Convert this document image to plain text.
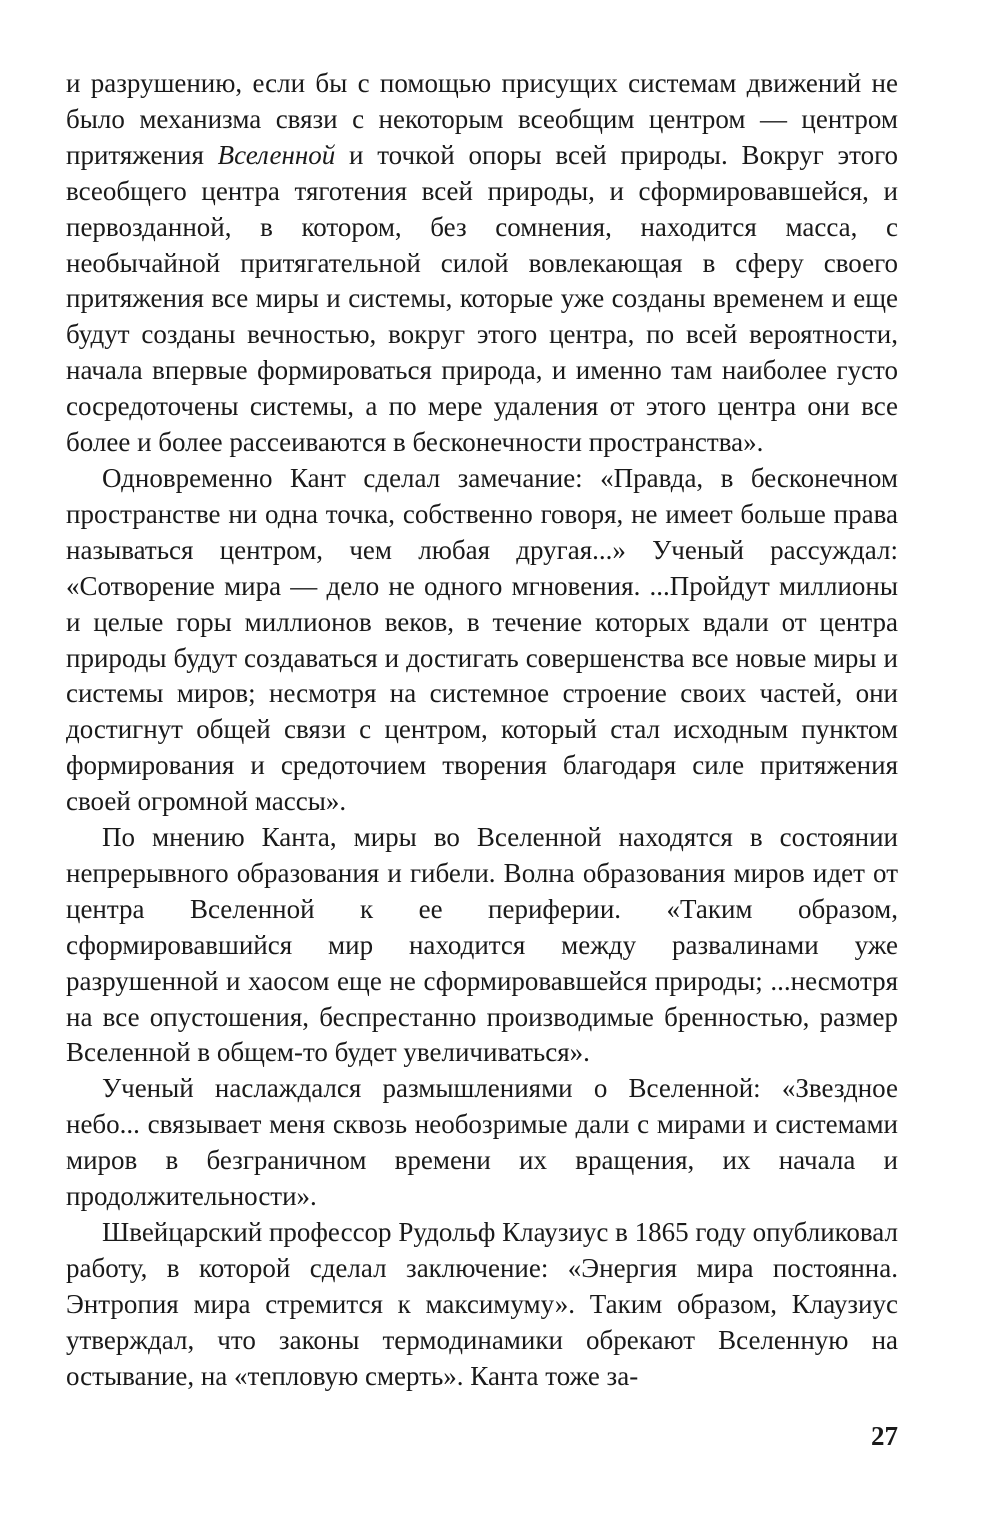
и разрушению, если бы с помощью присущих системам движений не было механизма связи с некоторым всеобщим центром — центром притяжения Вселенной и точкой опоры всей природы. Вокруг этого всеобщего центра тяготения всей природы, и сформировавшейся, и первозданной, в котором, без сомнения, находится масса, с необычайной притягательной силой вовлекающая в сферу своего притяжения все миры и системы, которые уже созданы временем и еще будут созданы вечностью, вокруг этого центра, по всей вероятности, начала впервые формироваться природа, и именно там наиболее густо сосредоточены системы, а по мере удаления от этого центра они все более и более рассеиваются в бесконечности пространства».

Одновременно Кант сделал замечание: «Правда, в бесконечном пространстве ни одна точка, собственно говоря, не имеет больше права называться центром, чем любая другая...» Ученый рассуждал: «Сотворение мира — дело не одного мгновения. ...Пройдут миллионы и целые горы миллионов веков, в течение которых вдали от центра природы будут создаваться и достигать совершенства все новые миры и системы миров; несмотря на системное строение своих частей, они достигнут общей связи с центром, который стал исходным пунктом формирования и средоточием творения благодаря силе притяжения своей огромной массы».

По мнению Канта, миры во Вселенной находятся в состоянии непрерывного образования и гибели. Волна образования миров идет от центра Вселенной к ее периферии. «Таким образом, сформировавшийся мир находится между развалинами уже разрушенной и хаосом еще не сформировавшейся природы; ...несмотря на все опустошения, беспрестанно производимые бренностью, размер Вселенной в общем-то будет увеличиваться».

Ученый наслаждался размышлениями о Вселенной: «Звездное небо... связывает меня сквозь необозримые дали с мирами и системами миров в безграничном времени их вращения, их начала и продолжительности».

Швейцарский профессор Рудольф Клаузиус в 1865 году опубликовал работу, в которой сделал заключение: «Энергия мира постоянна. Энтропия мира стремится к максимуму». Таким образом, Клаузиус утверждал, что законы термодинамики обрекают Вселенную на остывание, на «тепловую смерть». Канта тоже за-

27
